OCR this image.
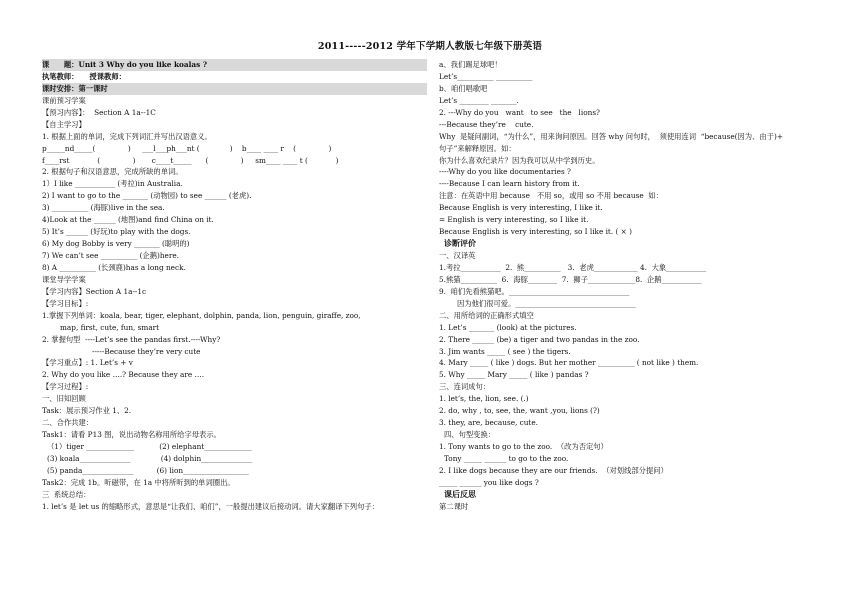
2011-----2012 学年下学期人教版七年级下册英语
课　　题：Unit 3 Why do you like koalas ?
执笔教师：　　授课教师：
课时安排：第一课时
课前预习学案
【预习内容】：  Section A 1a--1C
【自主学习】
1. 根据上面的单词，完成下列词汇并写出汉语意义。
p_____nd_____(              )     ___l___ph___nt (             )    b____ ____ r    (              )
f____rst            (              )       c____t_____      (              )     sm____ ____ t (            )
2. 根据句子和汉语意思，完成所缺的单词。
1）I like ___________ (考拉)in Australia.
2) I want to go to the _______ (动物园) to see ______ (老虎).
3) __________ (海豚)live in the sea.
4)Look at the ______ (地图)and find China on it.
5) It’s ______ (好玩)to play with the dogs.
6) My dog Bobby is very _______ (聪明的)
7) We can’t see __________ (企鹅)here.
8) A __________ (长颈鹿)has a long neck.
课堂导学学案
【学习内容】Section A 1a--1c
【学习目标】:
1.掌握下列单词：koala, bear, tiger, elephant, dolphin, panda, lion, penguin, giraffe, zoo,
map, first, cute, fun, smart
2. 掌握句型  ----Let’s see the pandas first.----Why?
-----Because they’re very cute
【学习重点】: 1. Let’s + v
2. Why do you like ….? Because they are ….
【学习过程】:
一、旧知回顾
Task：展示预习作业 1、2.
二、合作共建：
Task1：请看 P13 图，说出动物名称用所给字母表示。
（1）tiger _____________           (2) elephant_____________
(3) koala______________             (4) dolphin______________
(5) panda______________          (6) lion__________________
Task2：完成 1b。听磁带，在 1a 中将所听到的单词圈出。
三  系统总结：
1. let’s 是 let us 的缩略形式，意思是“让我们、咱们”，一般提出建议后接动词。请大家翻译下列句子：
a、我们踢足球吧！
Let’s__________ __________
b、咱们唱歌吧
Let’s ________ _______.
2. ---Why do you   want   to see   the   lions?
---Because they’re    cute.
Why  是疑问副词，“为什么”，用来询问原因。回答 why 问句时，  须使用连词  “because(因为、由于)+
句子”来解释原因。如：
你为什么喜欢纪录片？因为我可以从中学到历史。
----Why do you like documentaries ?
----Because I can learn history from it.
注意：在英语中用 because   不用 so，或用 so 不用 because  如：
Because English is very interesting, I like it.
= English is very interesting, so I like it.
Because English is very interesting, so I like it. ( × )
诊断评价
一、汉译英
1.考拉___________  2.  熊__________   3.  老虎____________ 4.  大象___________
5.熊猫__________  6.  海豚________  7.  狮子_____________8.  企鹅___________
9.  咱们先看熊猫吧。_________________________________
因为他们很可爱。_________________________________
二、用所给词的正确形式填空
1. Let’s _______ (look) at the pictures.
2. There ______ (be) a tiger and two pandas in the zoo.
3. Jim wants _____ ( see ) the tigers.
4. Mary _____ ( like ) dogs. But her mother __________ ( not like ) them.
5. Why _____ Mary _____ ( like ) pandas ?
三、连词成句：
1. let’s, the, lion, see. (.)
2. do, why , to, see, the, want ,you, lions (?)
3. they, are, because, cute.
四、句型变换：
1. Tony wants to go to the zoo.  （改为否定句）
Tony _____ ______ to go to the zoo.
2. I like dogs because they are our friends.  （对划线部分提问）
_____ ______ you like dogs ?
课后反思
第二课时
